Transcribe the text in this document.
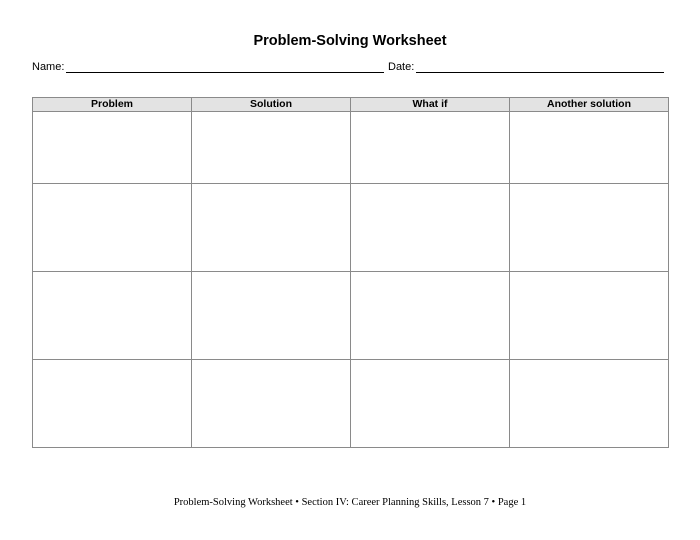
Problem-Solving Worksheet
Name:	Date:
Problem	Solution	What if	Another solution

Problem-Solving Worksheet • Section IV: Career Planning Skills, Lesson 7 • Page 1
